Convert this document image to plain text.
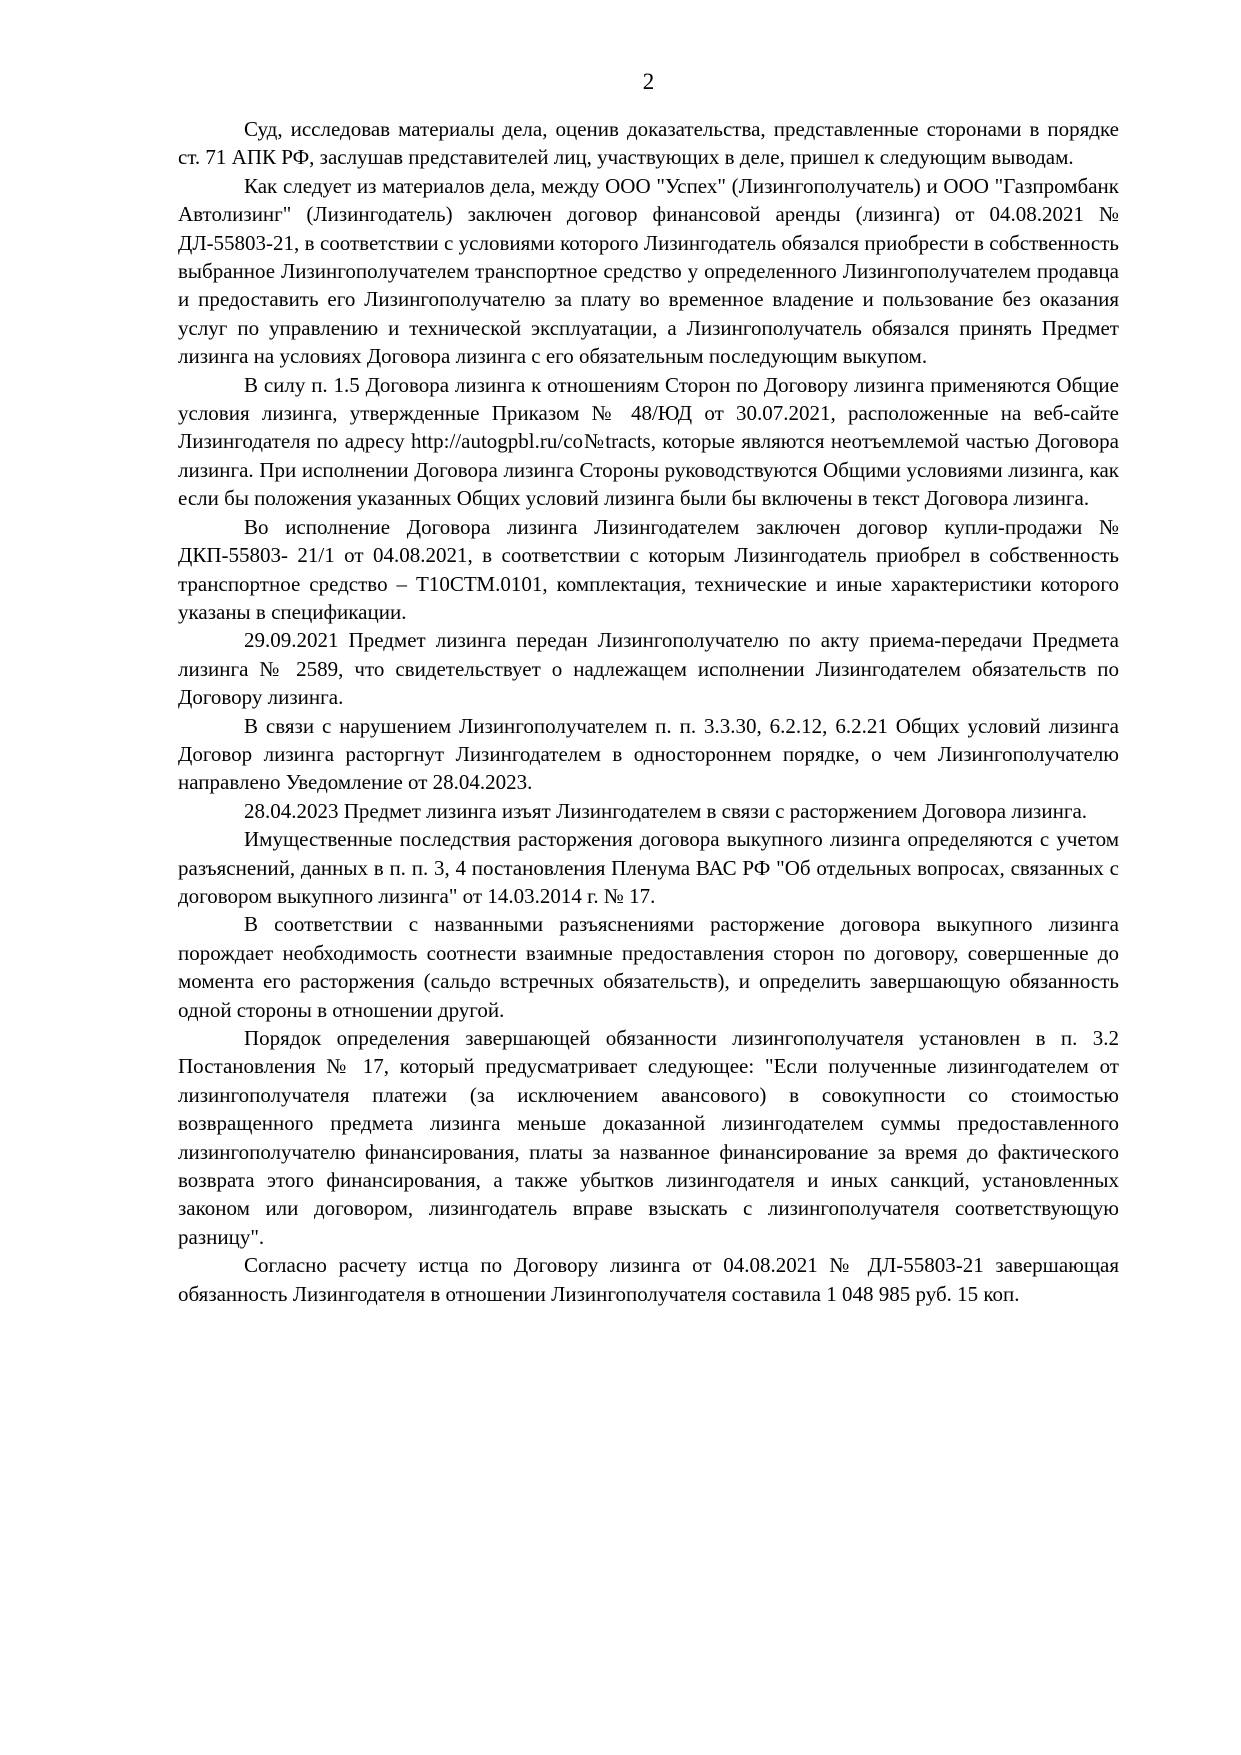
2

Суд, исследовав материалы дела, оценив доказательства, представленные сторонами в порядке ст. 71 АПК РФ, заслушав представителей лиц, участвующих в деле, пришел к следующим выводам.

Как следует из материалов дела, между ООО "Успех" (Лизингополучатель) и ООО "Газпромбанк Автолизинг" (Лизингодатель) заключен договор финансовой аренды (лизинга) от 04.08.2021 № ДЛ-55803-21, в соответствии с условиями которого Лизингодатель обязался приобрести в собственность выбранное Лизингополучателем транспортное средство у определенного Лизингополучателем продавца и предоставить его Лизингополучателю за плату во временное владение и пользование без оказания услуг по управлению и технической эксплуатации, а Лизингополучатель обязался принять Предмет лизинга на условиях Договора лизинга с его обязательным последующим выкупом.

В силу п. 1.5 Договора лизинга к отношениям Сторон по Договору лизинга применяются Общие условия лизинга, утвержденные Приказом № 48/ЮД от 30.07.2021, расположенные на веб-сайте Лизингодателя по адресу http://autogpbl.ru/co№tracts, которые являются неотъемлемой частью Договора лизинга. При исполнении Договора лизинга Стороны руководствуются Общими условиями лизинга, как если бы положения указанных Общих условий лизинга были бы включены в текст Договора лизинга.

Во исполнение Договора лизинга Лизингодателем заключен договор купли-продажи № ДКП-55803- 21/1 от 04.08.2021, в соответствии с которым Лизингодатель приобрел в собственность транспортное средство – Т10СТМ.0101, комплектация, технические и иные характеристики которого указаны в спецификации.

29.09.2021 Предмет лизинга передан Лизингополучателю по акту приема-передачи Предмета лизинга № 2589, что свидетельствует о надлежащем исполнении Лизингодателем обязательств по Договору лизинга.

В связи с нарушением Лизингополучателем п. п. 3.3.30, 6.2.12, 6.2.21 Общих условий лизинга Договор лизинга расторгнут Лизингодателем в одностороннем порядке, о чем Лизингополучателю направлено Уведомление от 28.04.2023.

28.04.2023 Предмет лизинга изъят Лизингодателем в связи с расторжением Договора лизинга.

Имущественные последствия расторжения договора выкупного лизинга определяются с учетом разъяснений, данных в п. п. 3, 4 постановления Пленума ВАС РФ "Об отдельных вопросах, связанных с договором выкупного лизинга" от 14.03.2014 г. № 17.

В соответствии с названными разъяснениями расторжение договора выкупного лизинга порождает необходимость соотнести взаимные предоставления сторон по договору, совершенные до момента его расторжения (сальдо встречных обязательств), и определить завершающую обязанность одной стороны в отношении другой.

Порядок определения завершающей обязанности лизингополучателя установлен в п. 3.2 Постановления № 17, который предусматривает следующее: "Если полученные лизингодателем от лизингополучателя платежи (за исключением авансового) в совокупности со стоимостью возвращенного предмета лизинга меньше доказанной лизингодателем суммы предоставленного лизингополучателю финансирования, платы за названное финансирование за время до фактического возврата этого финансирования, а также убытков лизингодателя и иных санкций, установленных законом или договором, лизингодатель вправе взыскать с лизингополучателя соответствующую разницу".

Согласно расчету истца по Договору лизинга от 04.08.2021 № ДЛ-55803-21 завершающая обязанность Лизингодателя в отношении Лизингополучателя составила 1 048 985 руб. 15 коп.
